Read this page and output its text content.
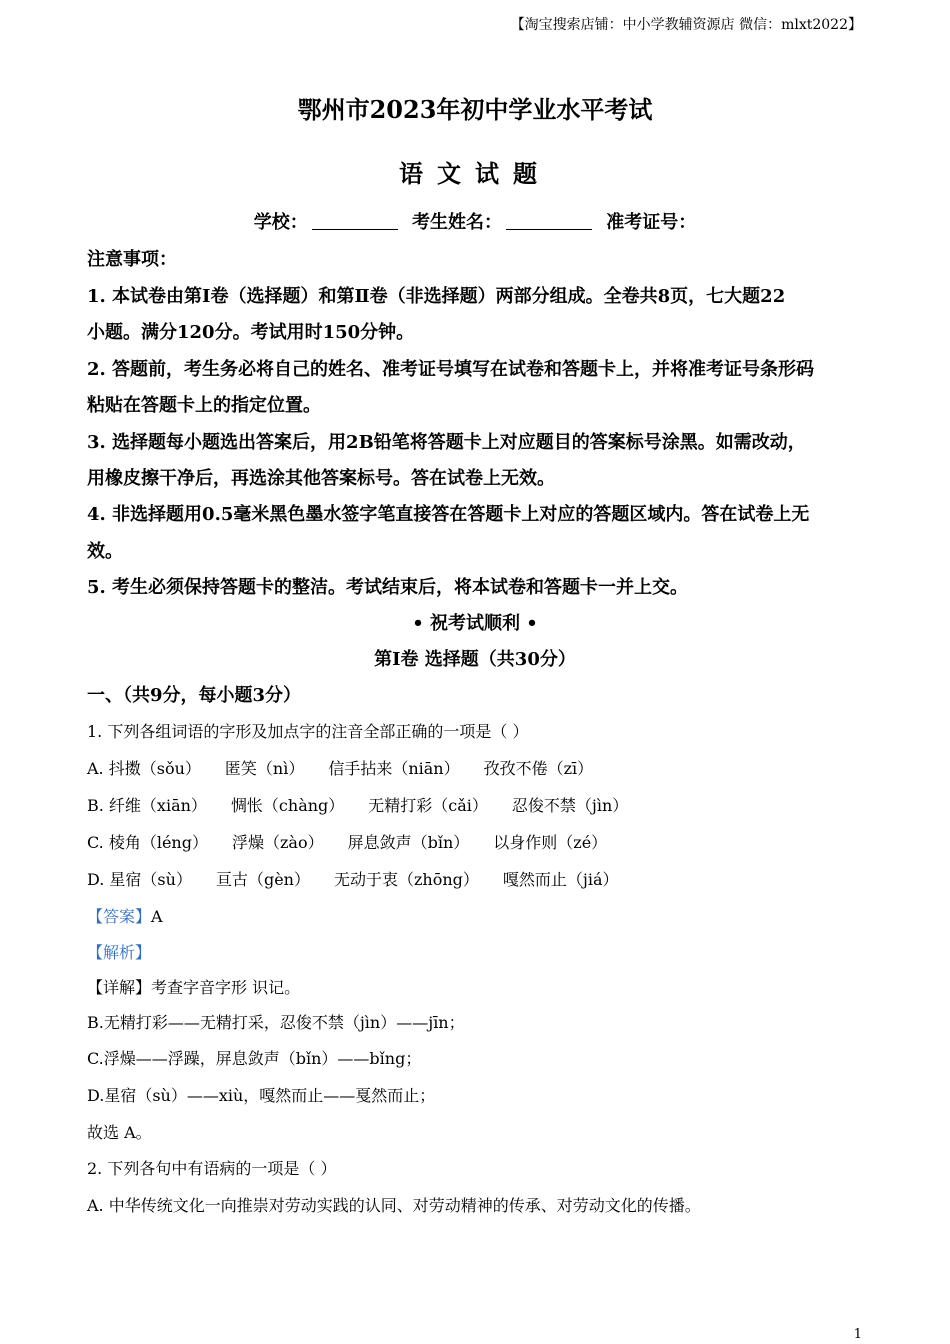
【淘宝搜索店铺：中小学教辅资源店 微信：mlxt2022】
鄂州市2023年初中学业水平考试
语文试题
学校：	考生姓名：	准考证号：
注意事项：
1. 本试卷由第Ⅰ卷（选择题）和第Ⅱ卷（非选择题）两部分组成。全卷共8页，七大题22
小题。满分120分。考试用时150分钟。
2. 答题前，考生务必将自己的姓名、准考证号填写在试卷和答题卡上，并将准考证号条形码
粘贴在答题卡上的指定位置。
3. 选择题每小题选出答案后，用2B铅笔将答题卡上对应题目的答案标号涂黑。如需改动，
用橡皮擦干净后，再选涂其他答案标号。答在试卷上无效。
4. 非选择题用0.5毫米黑色墨水签字笔直接答在答题卡上对应的答题区域内。答在试卷上无
效。
5. 考生必须保持答题卡的整洁。考试结束后，将本试卷和答题卡一并上交。
• 祝考试顺利 •
第Ⅰ卷 选择题（共30分）
一、（共9分，每小题3分）
1. 下列各组词语的字形及加点字的注音全部正确的一项是（ ）
A. 抖擞（sǒu） 匿笑（nì） 信手拈来（niān） 孜孜不倦（zī）
B. 纤维（xiān） 惆怅（chàng） 无精打彩（cǎi） 忍俊不禁（jìn）
C. 棱角（léng） 浮燥（zào） 屏息敛声（bǐn） 以身作则（zé）
D. 星宿（sù） 亘古（gèn） 无动于衷（zhōng） 嘎然而止（jiá）
【答案】A
【解析】
【详解】考查字音字形 识记。
B.无精打彩——无精打采，忍俊不禁（jìn）——jīn；
C.浮燥——浮躁，屏息敛声（bǐn）——bǐng；
D.星宿（sù）——xiù，嘎然而止——戛然而止；
故选 A。
2. 下列各句中有语病的一项是（ ）
A. 中华传统文化一向推崇对劳动实践的认同、对劳动精神的传承、对劳动文化的传播。
1
